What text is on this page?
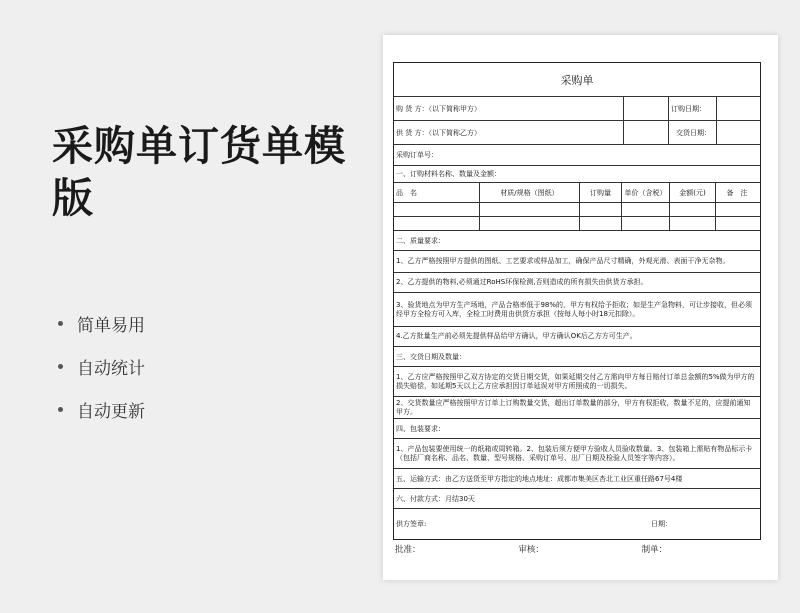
采购单订货单模版
简单易用
自动统计
自动更新
采购单
购 货 方：（以下简称甲方）	订购日期：
供 货 方：（以下简称乙方）	交货日期：
采购订单号：
一、订购材料名称、数量及金额：
品　名	材质/规格（图纸）	订购量	单价（含税）	金额(元)	备　注
二、质量要求：
1、乙方严格按照甲方提供的图纸、工艺要求或样品加工，确保产品尺寸精确，外观光滑、表面干净无杂物。
2、乙方提供的物料,必须通过RoHS环保检测,否则造成的所有损失由供货方承担。
3、验货地点为甲方生产场地，产品合格率低于98%的，甲方有权给予拒收；如是生产急物料，可让步接收，但必须经甲方全检方可入库，全检工时费用由供货方承担（按每人每小时18元扣除）。
4.乙方批量生产前必须先提供样品给甲方确认，甲方确认OK后乙方方可生产。
三、交货日期及数量：
1、乙方应严格按照甲乙双方协定的交货日期交货，如果延期交付乙方需向甲方每日赔付订单总金额的5%做为甲方的损失赔偿，如延期5天以上乙方应承担因订单延误对甲方所照成的一切损失。
2、交货数量应严格按照甲方订单上订购数量交货，超出订单数量的部分，甲方有权拒收，数量不足的，应提前通知甲方。
四、包装要求：
1、产品包装要使用统一的纸箱或周转箱。2、包装后须方便甲方验收人员验收数量。3、包装箱上需贴有物品标示卡（包括厂商名称、品名、数量、型号规格、采购订单号、出厂日期及检验人员签字等内容）。
五、运输方式：由乙方送货至甲方指定的地点地址：成都市集美区杏北工业区重任路67号4楼
六、付款方式：月结30天
供方签章:	日期：
批准：	审核：	制单：
